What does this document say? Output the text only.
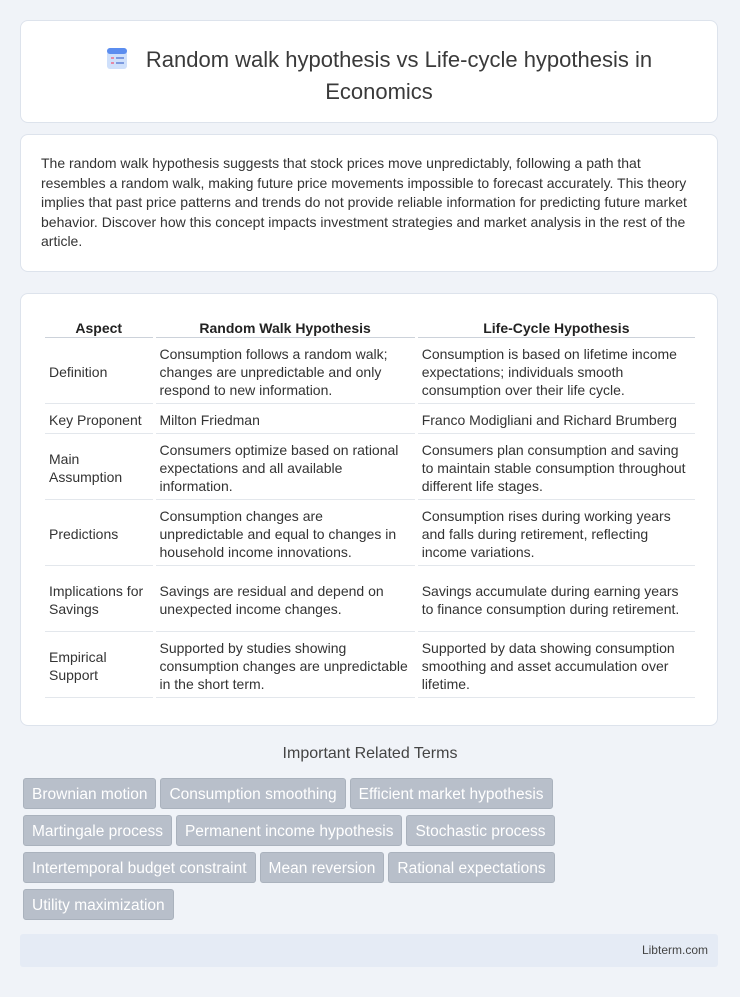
Random walk hypothesis vs Life-cycle hypothesis in Economics

The random walk hypothesis suggests that stock prices move unpredictably, following a path that resembles a random walk, making future price movements impossible to forecast accurately. This theory implies that past price patterns and trends do not provide reliable information for predicting future market behavior. Discover how this concept impacts investment strategies and market analysis in the rest of the article.

Aspect	Random Walk Hypothesis	Life-Cycle Hypothesis
Definition	Consumption follows a random walk; changes are unpredictable and only respond to new information.	Consumption is based on lifetime income expectations; individuals smooth consumption over their life cycle.
Key Proponent	Milton Friedman	Franco Modigliani and Richard Brumberg
Main Assumption	Consumers optimize based on rational expectations and all available information.	Consumers plan consumption and saving to maintain stable consumption throughout different life stages.
Predictions	Consumption changes are unpredictable and equal to changes in household income innovations.	Consumption rises during working years and falls during retirement, reflecting income variations.
Implications for Savings	Savings are residual and depend on unexpected income changes.	Savings accumulate during earning years to finance consumption during retirement.
Empirical Support	Supported by studies showing consumption changes are unpredictable in the short term.	Supported by data showing consumption smoothing and asset accumulation over lifetime.
Important Related Terms
Brownian motion Consumption smoothing Efficient market hypothesis
Martingale process Permanent income hypothesis Stochastic process
Intertemporal budget constraint Mean reversion Rational expectations
Utility maximization
Libterm.com
